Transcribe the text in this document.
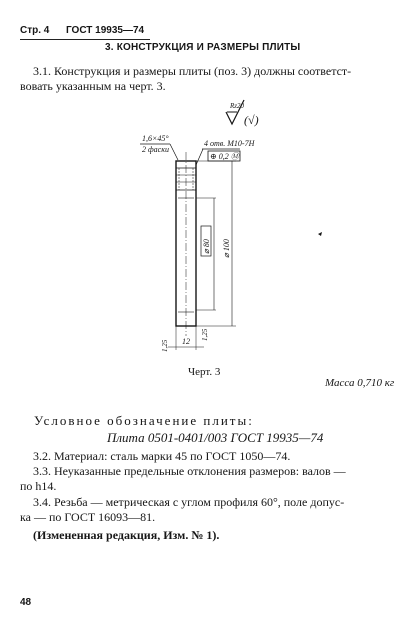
Стр. 4 ГОСТ 19935—74
3. КОНСТРУКЦИЯ И РАЗМЕРЫ ПЛИТЫ
3.1. Конструкция и размеры плиты (поз. 3) должны соответст-
вовать указанным на черт. 3.
Rz20
(√)
1,6×45°
2 фаски
4 отв. М10-7Н
⊕ 0,2 Ⓜ
⌀ 80 ⌀ 100
12
1,25
1,25
Черт. 3
Масса 0,710 кг
Условное обозначение плиты:
Плита 0501-0401/003 ГОСТ 19935—74
3.2. Материал: сталь марки 45 по ГОСТ 1050—74.
3.3. Неуказанные предельные отклонения размеров: валов —
по h14.
3.4. Резьба — метрическая с углом профиля 60°, поле допус-
ка — по ГОСТ 16093—81.
(Измененная редакция, Изм. № 1).
48
